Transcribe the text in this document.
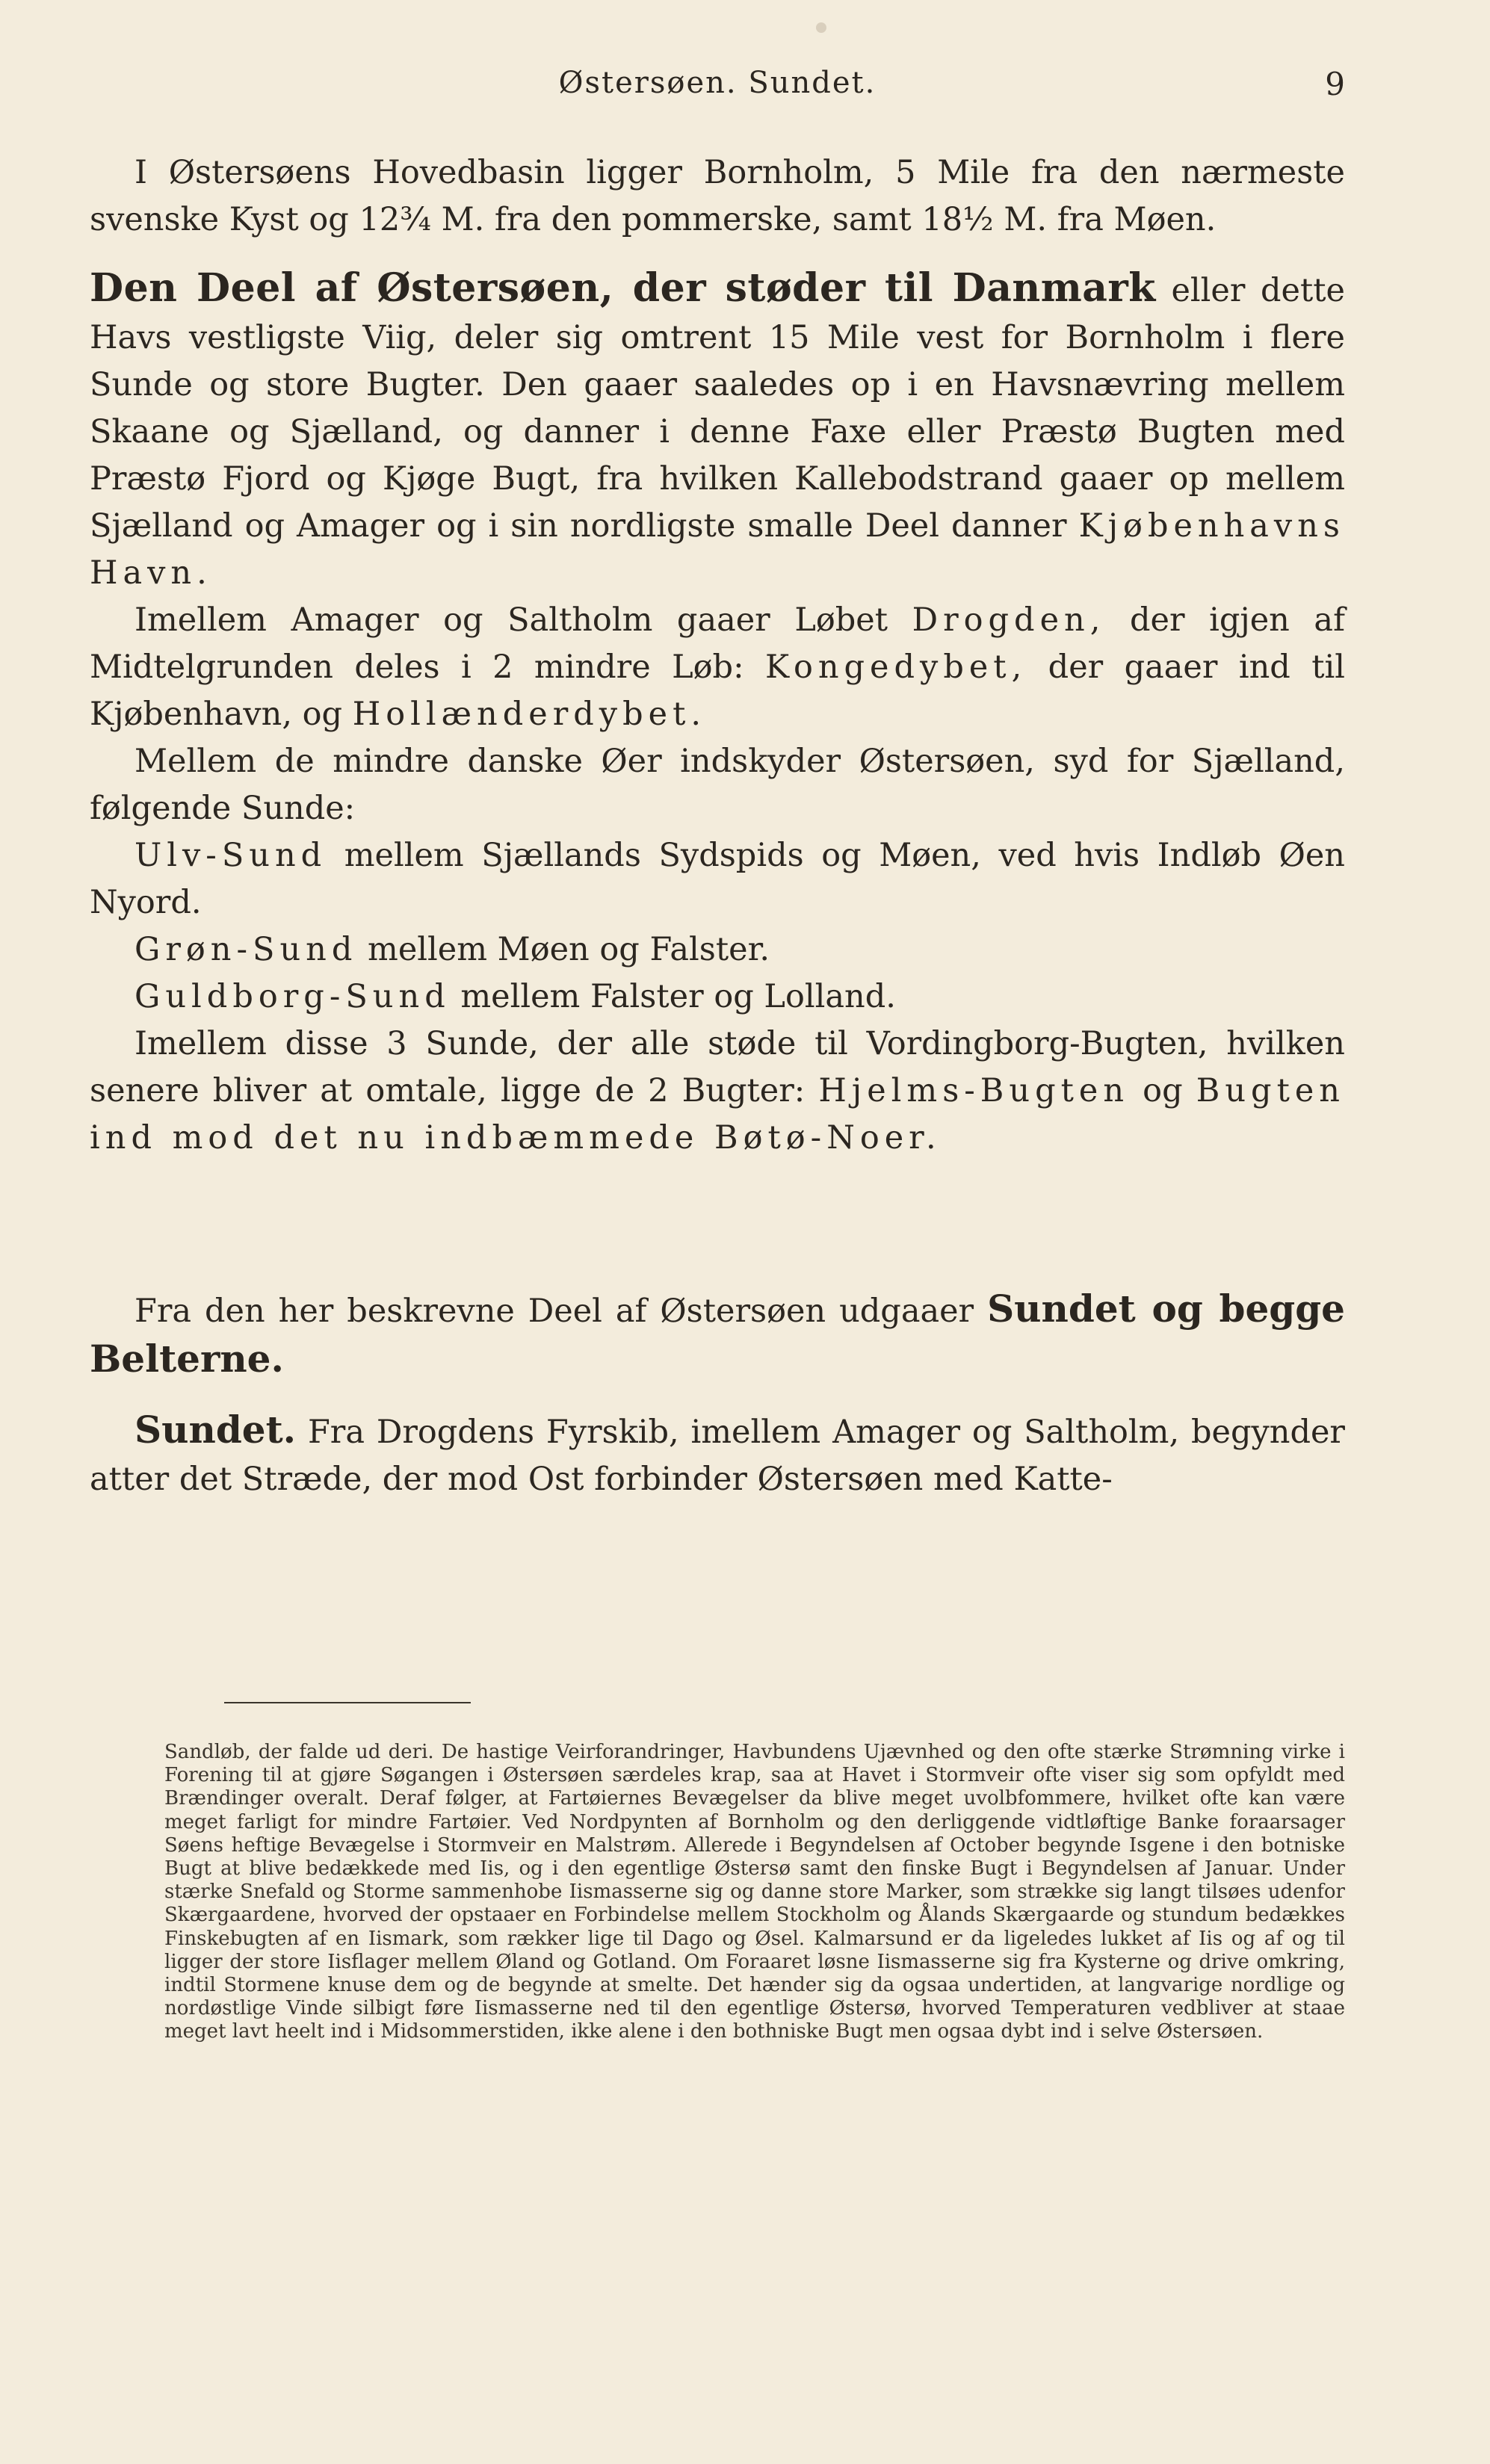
Østersøen. Sundet.	9

I Østersøens Hovedbasin ligger Bornholm, 5 Mile fra den nærmeste svenske Kyst og 12¾ M. fra den pommerske, samt 18½ M. fra Møen.

Den Deel af Østersøen, der støder til Danmark eller dette Havs vestligste Viig, deler sig omtrent 15 Mile vest for Bornholm i flere Sunde og store Bugter. Den gaaer saaledes op i en Havsnævring mellem Skaane og Sjælland, og danner i denne Faxe eller Præstø Bugten med Præstø Fjord og Kjøge Bugt, fra hvilken Kallebodstrand gaaer op mellem Sjælland og Amager og i sin nordligste smalle Deel danner Kjøbenhavns Havn.

Imellem Amager og Saltholm gaaer Løbet Drogden, der igjen af Midtelgrunden deles i 2 mindre Løb: Kongedybet, der gaaer ind til Kjøbenhavn, og Hollænderdybet.

Mellem de mindre danske Øer indskyder Østersøen, syd for Sjælland, følgende Sunde:

Ulv-Sund mellem Sjællands Sydspids og Møen, ved hvis Indløb Øen Nyord.

Grøn-Sund mellem Møen og Falster.

Guldborg-Sund mellem Falster og Lolland.

Imellem disse 3 Sunde, der alle støde til Vordingborg-Bugten, hvilken senere bliver at omtale, ligge de 2 Bugter: Hjelms-Bugten og Bugten ind mod det nu indbæmmede Bøtø-Noer.

Fra den her beskrevne Deel af Østersøen udgaaer Sundet og begge Belterne.

Sundet. Fra Drogdens Fyrskib, imellem Amager og Saltholm, begynder atter det Stræde, der mod Ost forbinder Østersøen med Katte-

Sandløb, der falde ud deri. De hastige Veirforandringer, Havbundens Ujævnhed og den ofte stærke Strømning virke i Forening til at gjøre Søgangen i Østersøen særdeles krap, saa at Havet i Stormveir ofte viser sig som opfyldt med Brændinger overalt. Deraf følger, at Fartøiernes Bevægelser da blive meget uvolbfommere, hvilket ofte kan være meget farligt for mindre Fartøier. Ved Nordpynten af Bornholm og den derliggende vidtløftige Banke foraarsager Søens heftige Bevægelse i Stormveir en Malstrøm. Allerede i Begyndelsen af October begynde Isgene i den botniske Bugt at blive bedækkede med Iis, og i den egentlige Østersø samt den finske Bugt i Begyndelsen af Januar. Under stærke Snefald og Storme sammenhobe Iismasserne sig og danne store Marker, som strække sig langt tilsøes udenfor Skærgaardene, hvorved der opstaaer en Forbindelse mellem Stockholm og Ålands Skærgaarde og stundum bedækkes Finskebugten af en Iismark, som rækker lige til Dago og Øsel. Kalmarsund er da ligeledes lukket af Iis og af og til ligger der store Iisflager mellem Øland og Gotland. Om Foraaret løsne Iismasserne sig fra Kysterne og drive omkring, indtil Stormene knuse dem og de begynde at smelte. Det hænder sig da ogsaa undertiden, at langvarige nordlige og nordøstlige Vinde silbigt føre Iismasserne ned til den egentlige Østersø, hvorved Temperaturen vedbliver at staae meget lavt heelt ind i Midsommerstiden, ikke alene i den bothniske Bugt men ogsaa dybt ind i selve Østersøen.
